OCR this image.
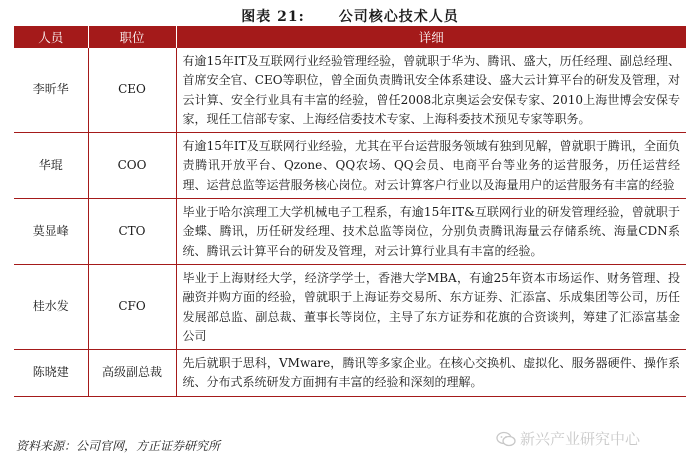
图表 21: 公司核心技术人员
人员	职位	详细
李昕华	CEO	有逾15年IT及互联网行业经验管理经验，曾就职于华为、腾讯、盛大，历任经理、副总经理、首席安全官、CEO等职位，曾全面负责腾讯安全体系建设、盛大云计算平台的研发及管理，对云计算、安全行业具有丰富的经验，曾任2008北京奥运会安保专家、2010上海世博会安保专家，现任工信部专家、上海经信委技术专家、上海科委技术预见专家等职务。
华琨	COO	有逾15年IT及互联网行业经验，尤其在平台运营服务领域有独到见解，曾就职于腾讯，全面负责腾讯开放平台、Qzone、QQ农场、QQ会员、电商平台等业务的运营服务，历任运营经理、运营总监等运营服务核心岗位。对云计算客户行业以及海量用户的运营服务有丰富的经验
莫显峰	CTO	毕业于哈尔滨理工大学机械电子工程系，有逾15年IT&互联网行业的研发管理经验，曾就职于金蝶、腾讯，历任研发经理、技术总监等岗位，分别负责腾讯海量云存储系统、海量CDN系统、腾讯云计算平台的研发及管理，对云计算行业具有丰富的经验。
桂水发	CFO	毕业于上海财经大学，经济学学士，香港大学MBA，有逾25年资本市场运作、财务管理、投融资并购方面的经验，曾就职于上海证券交易所、东方证券、汇添富、乐成集团等公司，历任发展部总监、副总裁、董事长等岗位，主导了东方证券和花旗的合资谈判，筹建了汇添富基金公司
陈晓建	高级副总裁	先后就职于思科，VMware，腾讯等多家企业。在核心交换机、虚拟化、服务器硬件、操作系统、分布式系统研发方面拥有丰富的经验和深刻的理解。
资料来源：公司官网，方正证券研究所	新兴产业研究中心
